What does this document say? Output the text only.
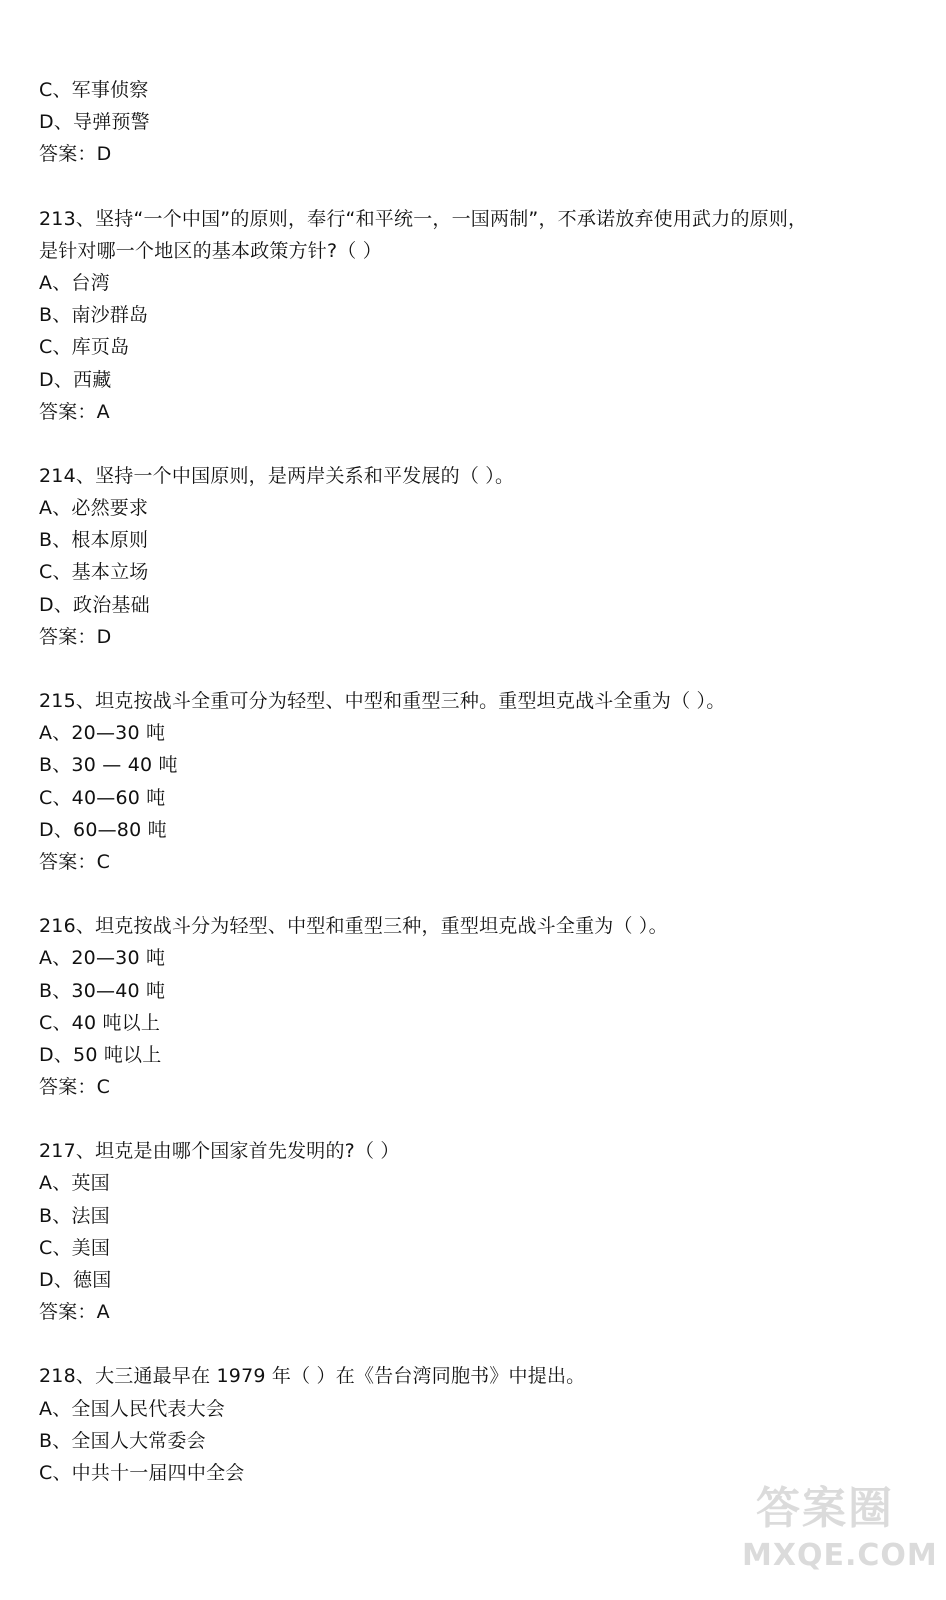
C、军事侦察
D、导弹预警
答案：D
213、坚持“一个中国”的原则，奉行“和平统一，一国两制”，不承诺放弃使用武力的原则，
是针对哪一个地区的基本政策方针?（ ）
A、台湾
B、南沙群岛
C、库页岛
D、西藏
答案：A
214、坚持一个中国原则，是两岸关系和平发展的（ ）。
A、必然要求
B、根本原则
C、基本立场
D、政治基础
答案：D
215、坦克按战斗全重可分为轻型、中型和重型三种。重型坦克战斗全重为（ ）。
A、20—30 吨
B、30 — 40 吨
C、40—60 吨
D、60—80 吨
答案：C
216、坦克按战斗分为轻型、中型和重型三种，重型坦克战斗全重为（ ）。
A、20—30 吨
B、30—40 吨
C、40 吨以上
D、50 吨以上
答案：C
217、坦克是由哪个国家首先发明的?（ ）
A、英国
B、法国
C、美国
D、德国
答案：A
218、大三通最早在 1979 年（ ）在《告台湾同胞书》中提出。
A、全国人民代表大会
B、全国人大常委会
C、中共十一届四中全会
答案圈
MXQE.COM
